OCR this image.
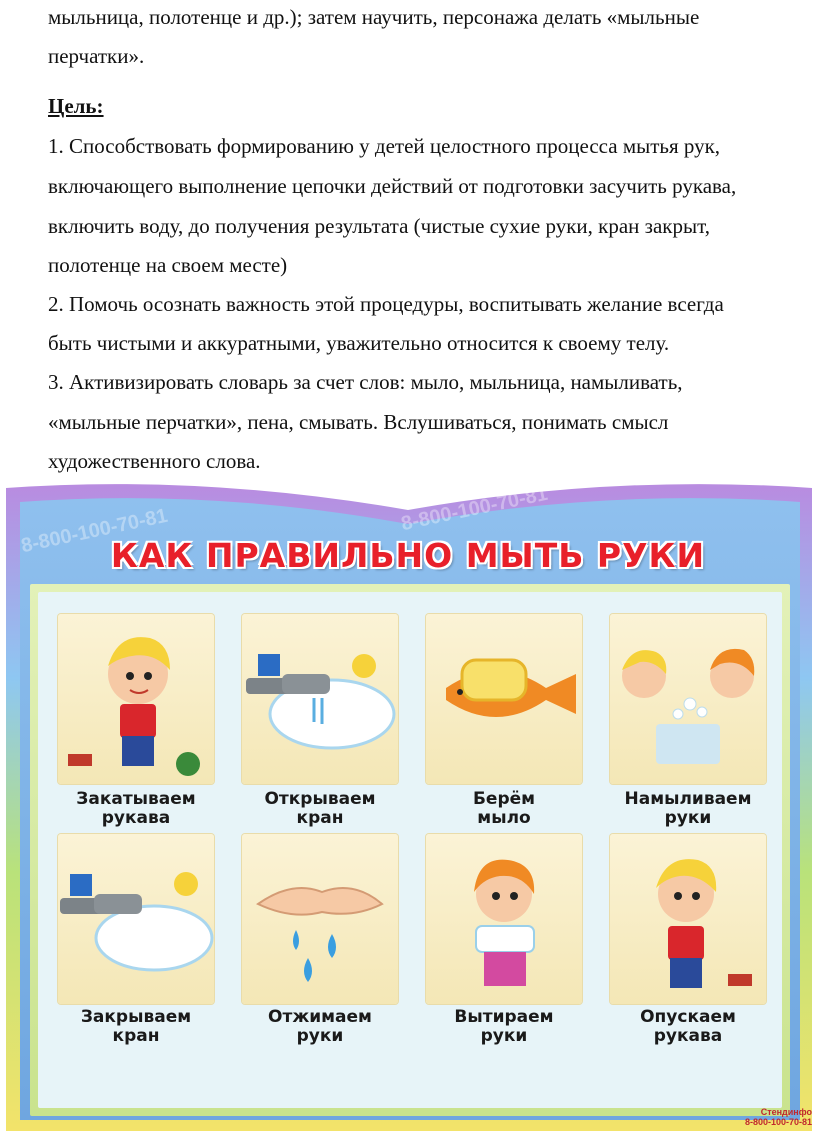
мыльница, полотенце и др.); затем научить, персонажа делать «мыльные
перчатки».
Цель:
1. Способствовать формированию у детей целостного процесса мытья рук,
включающего выполнение цепочки действий от подготовки засучить рукава,
включить воду, до получения результата (чистые сухие руки, кран закрыт,
полотенце на своем месте)
2. Помочь осознать важность этой процедуры, воспитывать желание всегда
быть чистыми и аккуратными, уважительно относится к своему телу.
3. Активизировать словарь за счет слов: мыло, мыльница, намыливать,
«мыльные перчатки», пена, смывать. Вслушиваться, понимать смысл
художественного слова.
8-800-100-70-81
8-800-100-70-81
КАК ПРАВИЛЬНО МЫТЬ РУКИ
Закатываем
рукава
Открываем
кран
Берём
мыло
Намыливаем
руки
Закрываем
кран
Отжимаем
руки
Вытираем
руки
Опускаем
рукава
Стендинфо
8-800-100-70-81
